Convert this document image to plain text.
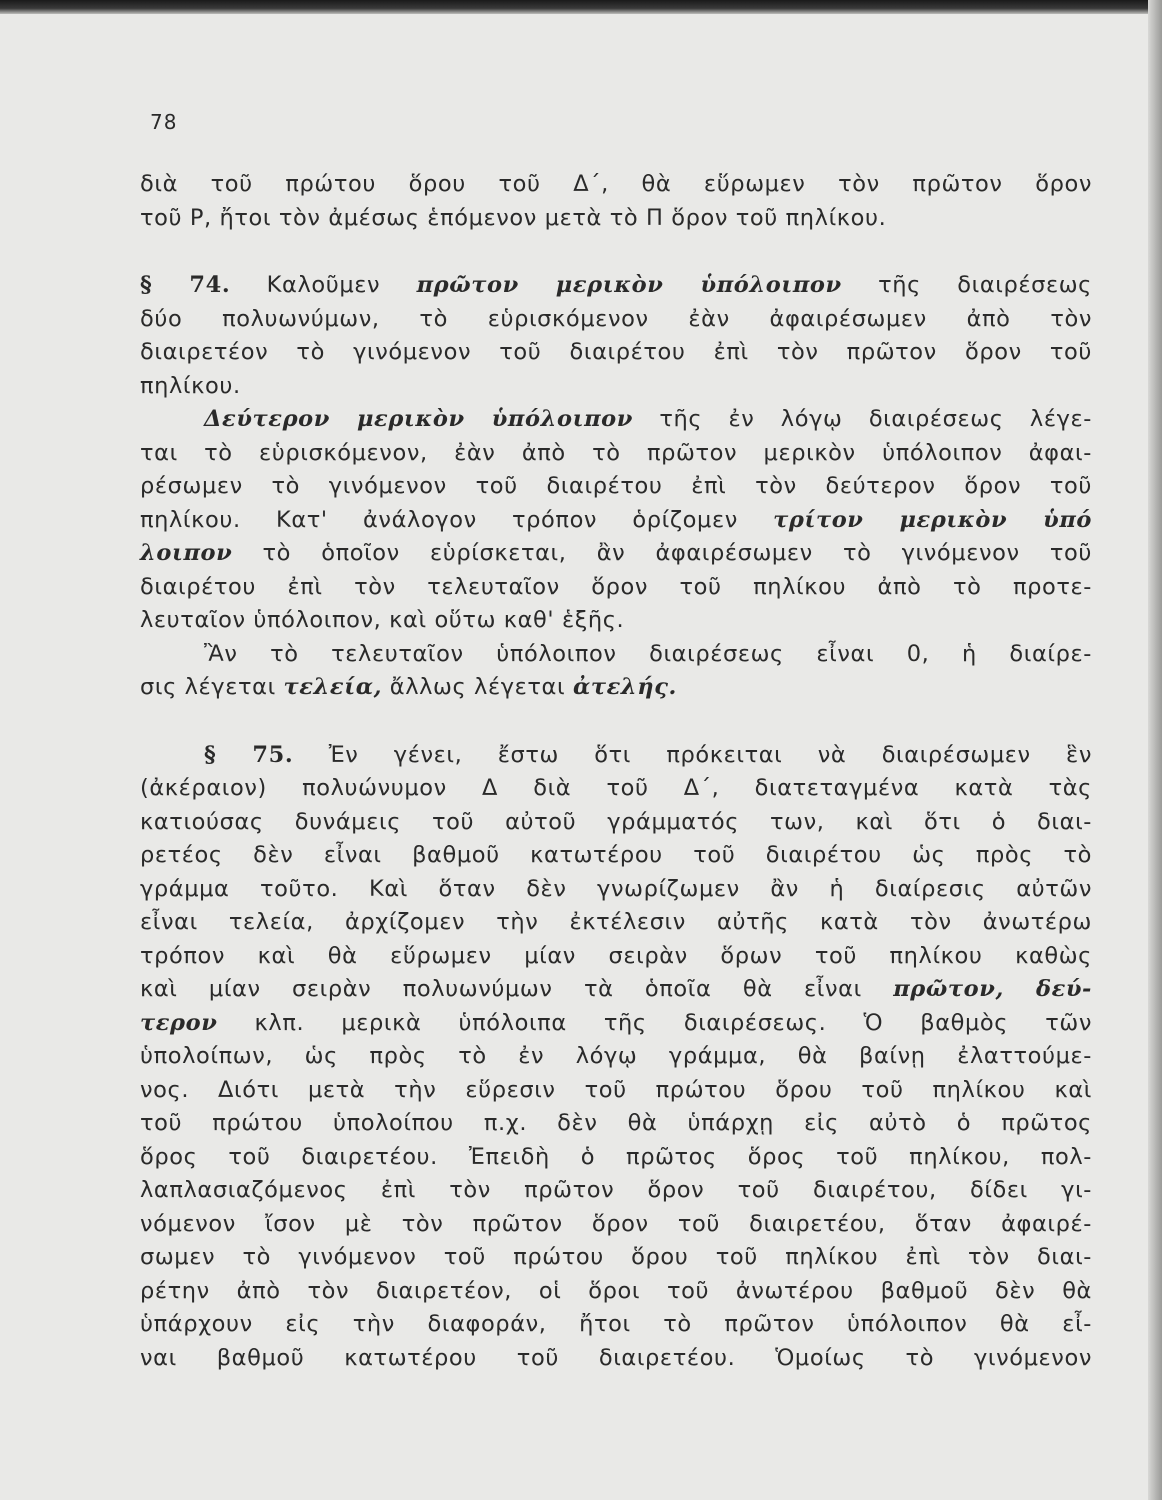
78
διὰ τοῦ πρώτου ὅρου τοῦ Δ΄, θὰ εὕρωμεν τὸν πρῶτον ὅρον
τοῦ P, ἤτοι τὸν ἀμέσως ἑπόμενον μετὰ τὸ Π ὅρον τοῦ πηλίκου.
§ 74. Καλοῦμεν πρῶτον μερικὸν ὑπόλοιπον τῆς διαιρέσεως
δύο πολυωνύμων, τὸ εὑρισκόμενον ἐὰν ἀφαιρέσωμεν ἀπὸ τὸν
διαιρετέον τὸ γινόμενον τοῦ διαιρέτου ἐπὶ τὸν πρῶτον ὅρον τοῦ
πηλίκου.
Δεύτερον μερικὸν ὑπόλοιπον τῆς ἐν λόγῳ διαιρέσεως λέγε-
ται τὸ εὑρισκόμενον, ἐὰν ἀπὸ τὸ πρῶτον μερικὸν ὑπόλοιπον ἀφαι-
ρέσωμεν τὸ γινόμενον τοῦ διαιρέτου ἐπὶ τὸν δεύτερον ὅρον τοῦ
πηλίκου. Κατ' ἀνάλογον τρόπον ὁρίζομεν τρίτον μερικὸν ὑπό
λοιπον τὸ ὁποῖον εὑρίσκεται, ἂν ἀφαιρέσωμεν τὸ γινόμενον τοῦ
διαιρέτου ἐπὶ τὸν τελευταῖον ὅρον τοῦ πηλίκου ἀπὸ τὸ προτε-
λευταῖον ὑπόλοιπον, καὶ οὕτω καθ' ἑξῆς.
Ἂν τὸ τελευταῖον ὑπόλοιπον διαιρέσεως εἶναι 0, ἡ διαίρε-
σις λέγεται τελεία, ἄλλως λέγεται ἀτελής.
§ 75. Ἐν γένει, ἔστω ὅτι πρόκειται νὰ διαιρέσωμεν ἓν
(ἀκέραιον) πολυώνυμον Δ διὰ τοῦ Δ΄, διατεταγμένα κατὰ τὰς
κατιούσας δυνάμεις τοῦ αὐτοῦ γράμματός των, καὶ ὅτι ὁ διαι-
ρετέος δὲν εἶναι βαθμοῦ κατωτέρου τοῦ διαιρέτου ὡς πρὸς τὸ
γράμμα τοῦτο. Καὶ ὅταν δὲν γνωρίζωμεν ἂν ἡ διαίρεσις αὐτῶν
εἶναι τελεία, ἀρχίζομεν τὴν ἐκτέλεσιν αὐτῆς κατὰ τὸν ἀνωτέρω
τρόπον καὶ θὰ εὕρωμεν μίαν σειρὰν ὅρων τοῦ πηλίκου καθὼς
καὶ μίαν σειρὰν πολυωνύμων τὰ ὁποῖα θὰ εἶναι πρῶτον, δεύ-
τερον κλπ. μερικὰ ὑπόλοιπα τῆς διαιρέσεως. Ὁ βαθμὸς τῶν
ὑπολοίπων, ὡς πρὸς τὸ ἐν λόγῳ γράμμα, θὰ βαίνῃ ἐλαττούμε-
νος. Διότι μετὰ τὴν εὕρεσιν τοῦ πρώτου ὅρου τοῦ πηλίκου καὶ
τοῦ πρώτου ὑπολοίπου π.χ. δὲν θὰ ὑπάρχῃ εἰς αὐτὸ ὁ πρῶτος
ὅρος τοῦ διαιρετέου. Ἐπειδὴ ὁ πρῶτος ὅρος τοῦ πηλίκου, πολ-
λαπλασιαζόμενος ἐπὶ τὸν πρῶτον ὅρον τοῦ διαιρέτου, δίδει γι-
νόμενον ἴσον μὲ τὸν πρῶτον ὅρον τοῦ διαιρετέου, ὅταν ἀφαιρέ-
σωμεν τὸ γινόμενον τοῦ πρώτου ὅρου τοῦ πηλίκου ἐπὶ τὸν διαι-
ρέτην ἀπὸ τὸν διαιρετέον, οἱ ὅροι τοῦ ἀνωτέρου βαθμοῦ δὲν θὰ
ὑπάρχουν εἰς τὴν διαφοράν, ἤτοι τὸ πρῶτον ὑπόλοιπον θὰ εἶ-
ναι βαθμοῦ κατωτέρου τοῦ διαιρετέου. Ὁμοίως τὸ γινόμενον
